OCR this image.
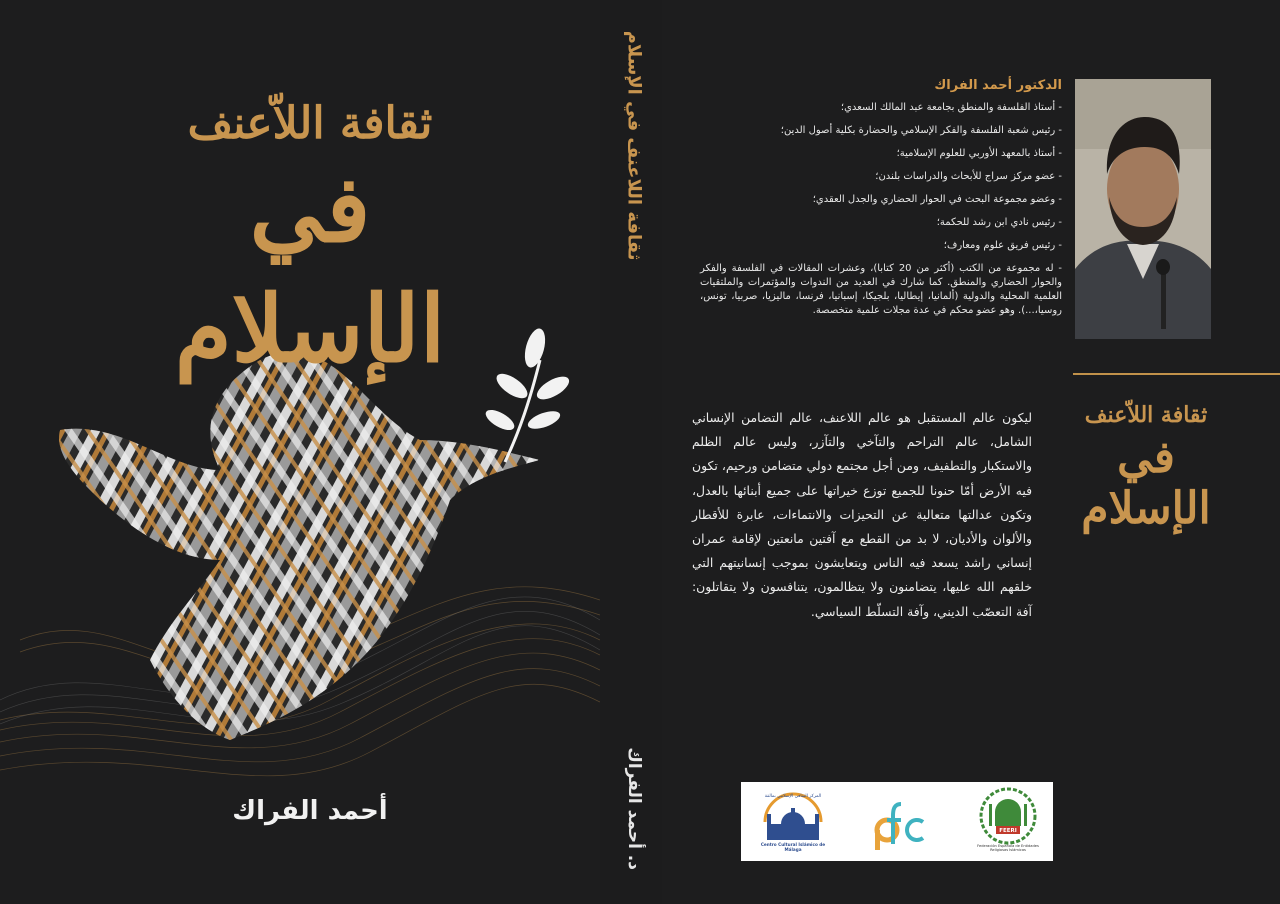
ثقافة اللاّعنف
في الإسلام
أحمد الفراك
ثقافة اللاعنف في الإسلام
د. أحمد الفراك

الدكتور أحمد الفراك

- أستاذ الفلسفة والمنطق بجامعة عبد المالك السعدي؛
- رئيس شعبة الفلسفة والفكر الإسلامي والحضارة بكلية أصول الدين؛
- أستاذ بالمعهد الأوربي للعلوم الإسلامية؛
- عضو مركز سراج للأبحاث والدراسات بلندن؛
- وعضو مجموعة البحث في الحوار الحضاري والجدل العقدي؛
- رئيس نادي ابن رشد للحكمة؛
- رئيس فريق علوم ومعارف؛
- له مجموعة من الكتب (أكثر من 20 كتابا)، وعشرات المقالات في الفلسفة والفكر والحوار الحضاري والمنطق. كما شارك في العديد من الندوات والمؤتمرات والملتقيات العلمية المحلية والدولية (ألمانيا، إيطاليا، بلجيكا، إسبانيا، فرنسا، ماليزيا، صربيا، تونس، روسيا،...). وهو عضو محكم في عدة مجلات علمية متخصصة.
ثقافة اللاّعنف
في الإسلام
ليكون عالم المستقبل هو عالم اللاعنف، عالم التضامن الإنساني الشامل، عالم التراحم والتآخي والتآزر، وليس عالم الظلم والاستكبار والتطفيف، ومن أجل مجتمع دولي متضامن ورحيم، تكون فيه الأرض أمّا حنونا للجميع توزع خيراتها على جميع أبنائها بالعدل، وتكون عدالتها متعالية عن التحيزات والانتماءات، عابرة للأقطار والألوان والأديان، لا بد من القطع مع آفتين مانعتين لإقامة عمران إنساني راشد يسعد فيه الناس ويتعايشون بموجب إنسانيتهم التي خلقهم الله عليها، يتضامنون ولا يتظالمون، يتنافسون ولا يتقاتلون: آفة التعصّب الديني، وآفة التسلّط السياسي.
Centro Cultural Islámico de Málaga
المركز الثقافي الإسلامي بمالقة
FEERI
Federación Española de Entidades Religiosas Islámicas
